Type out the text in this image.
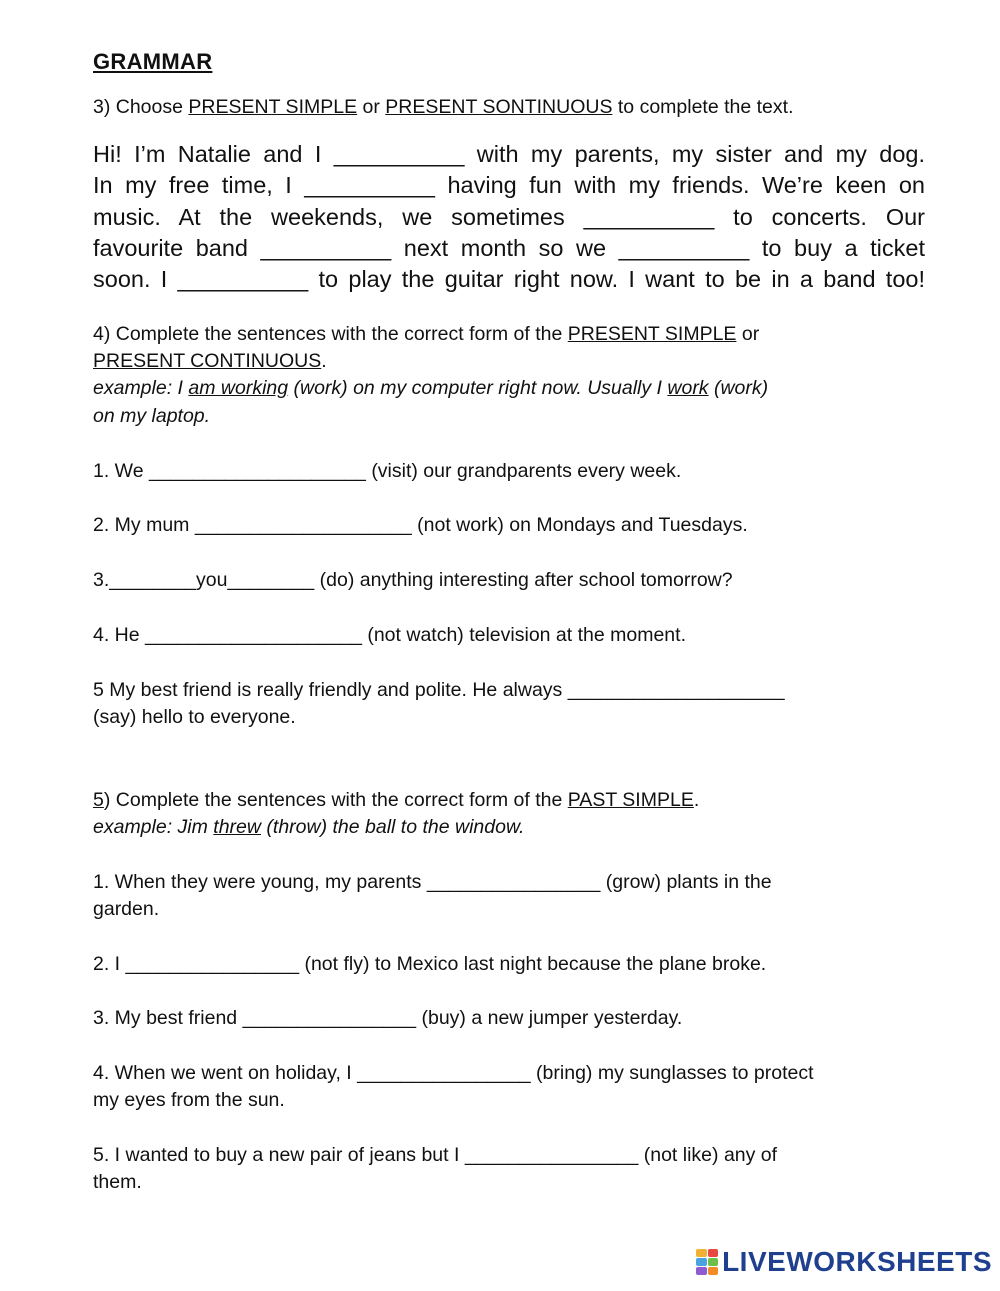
GRAMMAR
3) Choose PRESENT SIMPLE or PRESENT SONTINUOUS to complete the text.
Hi! I’m Natalie and I __________ with my parents, my sister and my dog.
In my free time, I __________ having fun with my friends. We’re keen on
music. At the weekends, we sometimes __________ to concerts. Our
favourite band __________ next month so we __________ to buy a ticket
soon. I __________ to play the guitar right now. I want to be in a band too!
4) Complete the sentences with the correct form of the PRESENT SIMPLE or
PRESENT CONTINUOUS.
example: I am working (work) on my computer right now. Usually I work (work)
on my laptop.
1. We ____________________ (visit) our grandparents every week.
2. My mum ____________________ (not work) on Mondays and Tuesdays.
3.________you________ (do) anything interesting after school tomorrow?
4. He ____________________ (not watch) television at the moment.
5 My best friend is really friendly and polite. He always ____________________
(say) hello to everyone.
5) Complete the sentences with the correct form of the PAST SIMPLE.
example: Jim threw (throw) the ball to the window.
1. When they were young, my parents ________________ (grow) plants in the
garden.
2. I ________________ (not fly) to Mexico last night because the plane broke.
3. My best friend ________________ (buy) a new jumper yesterday.
4. When we went on holiday, I ________________ (bring) my sunglasses to protect
my eyes from the sun.
5. I wanted to buy a new pair of jeans but I ________________ (not like) any of
them.
LIVEWORKSHEETS
